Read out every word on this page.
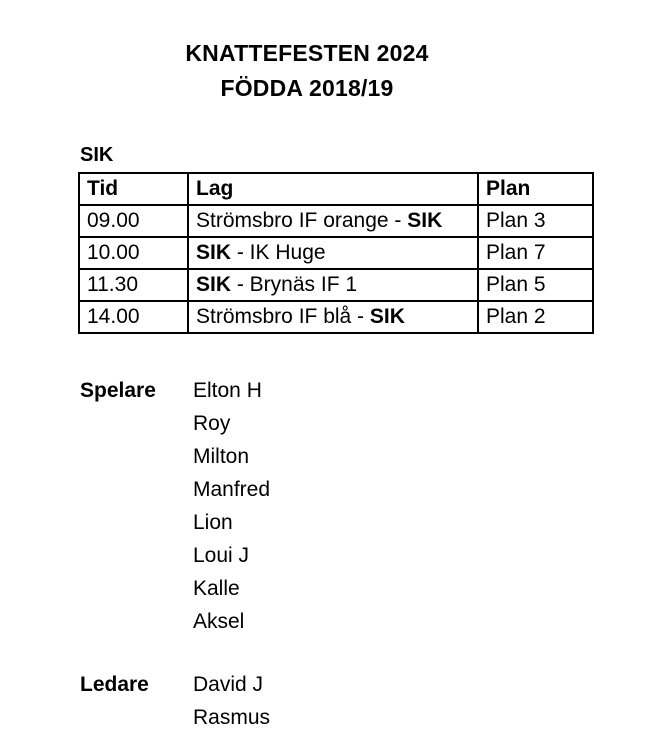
KNATTEFESTEN 2024
FÖDDA 2018/19
SIK
Tid	Lag	Plan
09.00	Strömsbro IF orange - SIK	Plan 3
10.00	SIK - IK Huge	Plan 7
11.30	SIK - Brynäs IF 1	Plan 5
14.00	Strömsbro IF blå - SIK	Plan 2
Spelare	Elton H
Roy
Milton
Manfred
Lion
Loui J
Kalle
Aksel
Ledare	David J
Rasmus
